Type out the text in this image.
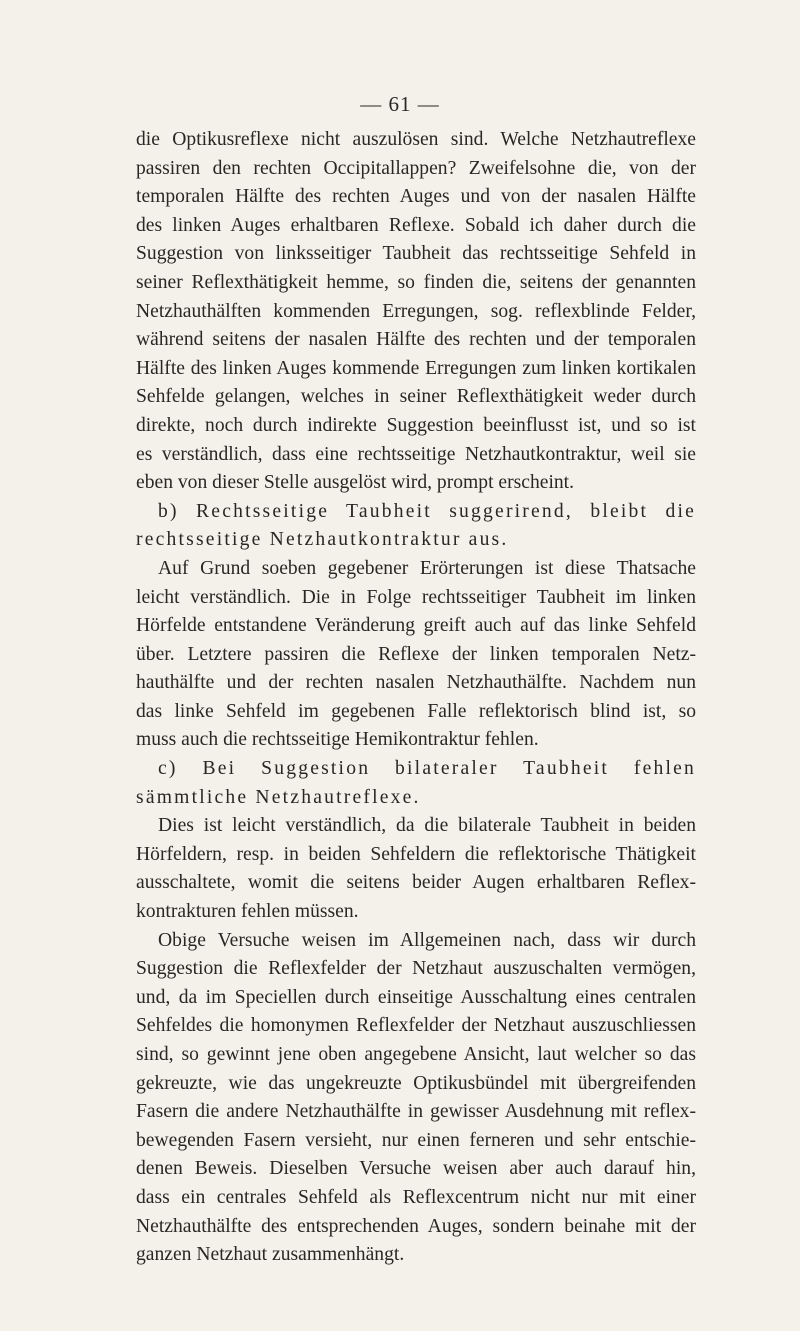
— 61 —
die Optikusreflexe nicht auszulösen sind. Welche Netzhautreflexe
passiren den rechten Occipitallappen? Zweifelsohne die, von der
temporalen Hälfte des rechten Auges und von der nasalen Hälfte
des linken Auges erhaltbaren Reflexe. Sobald ich daher durch die
Suggestion von linksseitiger Taubheit das rechtsseitige Sehfeld in
seiner Reflexthätigkeit hemme, so finden die, seitens der genannten
Netzhauthälften kommenden Erregungen, sog. reflexblinde Felder,
während seitens der nasalen Hälfte des rechten und der temporalen
Hälfte des linken Auges kommende Erregungen zum linken kortikalen
Sehfelde gelangen, welches in seiner Reflexthätigkeit weder durch
direkte, noch durch indirekte Suggestion beeinflusst ist, und so ist
es verständlich, dass eine rechtsseitige Netzhautkontraktur, weil sie
eben von dieser Stelle ausgelöst wird, prompt erscheint.
b) Rechtsseitige Taubheit suggerirend, bleibt die
rechtsseitige Netzhautkontraktur aus.
Auf Grund soeben gegebener Erörterungen ist diese Thatsache
leicht verständlich. Die in Folge rechtsseitiger Taubheit im linken
Hörfelde entstandene Veränderung greift auch auf das linke Sehfeld
über. Letztere passiren die Reflexe der linken temporalen Netz-
hauthälfte und der rechten nasalen Netzhauthälfte. Nachdem nun
das linke Sehfeld im gegebenen Falle reflektorisch blind ist, so
muss auch die rechtsseitige Hemikontraktur fehlen.
c) Bei Suggestion bilateraler Taubheit fehlen
sämmtliche Netzhautreflexe.
Dies ist leicht verständlich, da die bilaterale Taubheit in beiden
Hörfeldern, resp. in beiden Sehfeldern die reflektorische Thätigkeit
ausschaltete, womit die seitens beider Augen erhaltbaren Reflex-
kontrakturen fehlen müssen.
Obige Versuche weisen im Allgemeinen nach, dass wir durch
Suggestion die Reflexfelder der Netzhaut auszuschalten vermögen,
und, da im Speciellen durch einseitige Ausschaltung eines centralen
Sehfeldes die homonymen Reflexfelder der Netzhaut auszuschliessen
sind, so gewinnt jene oben angegebene Ansicht, laut welcher so das
gekreuzte, wie das ungekreuzte Optikusbündel mit übergreifenden
Fasern die andere Netzhauthälfte in gewisser Ausdehnung mit reflex-
bewegenden Fasern versieht, nur einen ferneren und sehr entschie-
denen Beweis. Dieselben Versuche weisen aber auch darauf hin,
dass ein centrales Sehfeld als Reflexcentrum nicht nur mit einer
Netzhauthälfte des entsprechenden Auges, sondern beinahe mit der
ganzen Netzhaut zusammenhängt.
